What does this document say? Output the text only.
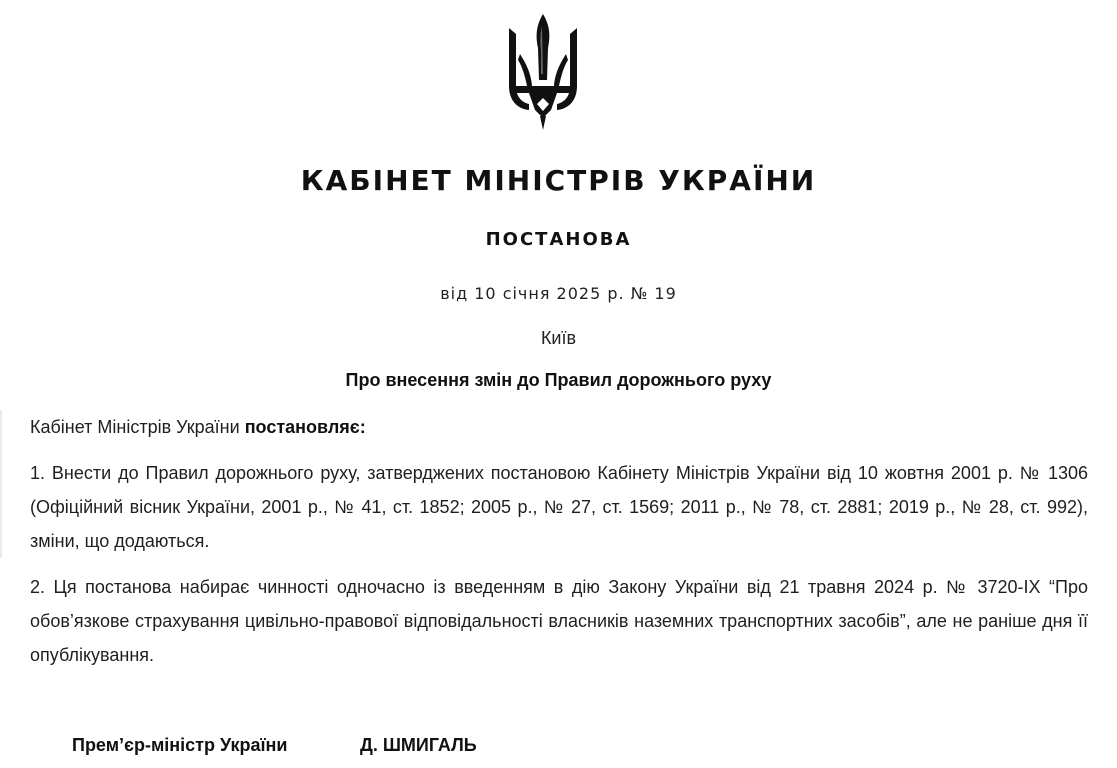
КАБІНЕТ МІНІСТРІВ УКРАЇНИ
ПОСТАНОВА
від 10 січня 2025 р. № 19
Київ
Про внесення змін до Правил дорожнього руху
Кабінет Міністрів України постановляє:
1. Внести до Правил дорожнього руху, затверджених постановою Кабінету Міністрів України від 10 жовтня 2001 р. № 1306 (Офіційний вісник України, 2001 р., № 41, ст. 1852; 2005 р., № 27, ст. 1569; 2011 р., № 78, ст. 2881; 2019 р., № 28, ст. 992), зміни, що додаються.
2. Ця постанова набирає чинності одночасно із введенням в дію Закону України від 21 травня 2024 р. № 3720-IX “Про обов’язкове страхування цивільно-правової відповідальності власників наземних транспортних засобів”, але не раніше дня її опублікування.
Прем’єр-міністр України	Д. ШМИГАЛЬ
